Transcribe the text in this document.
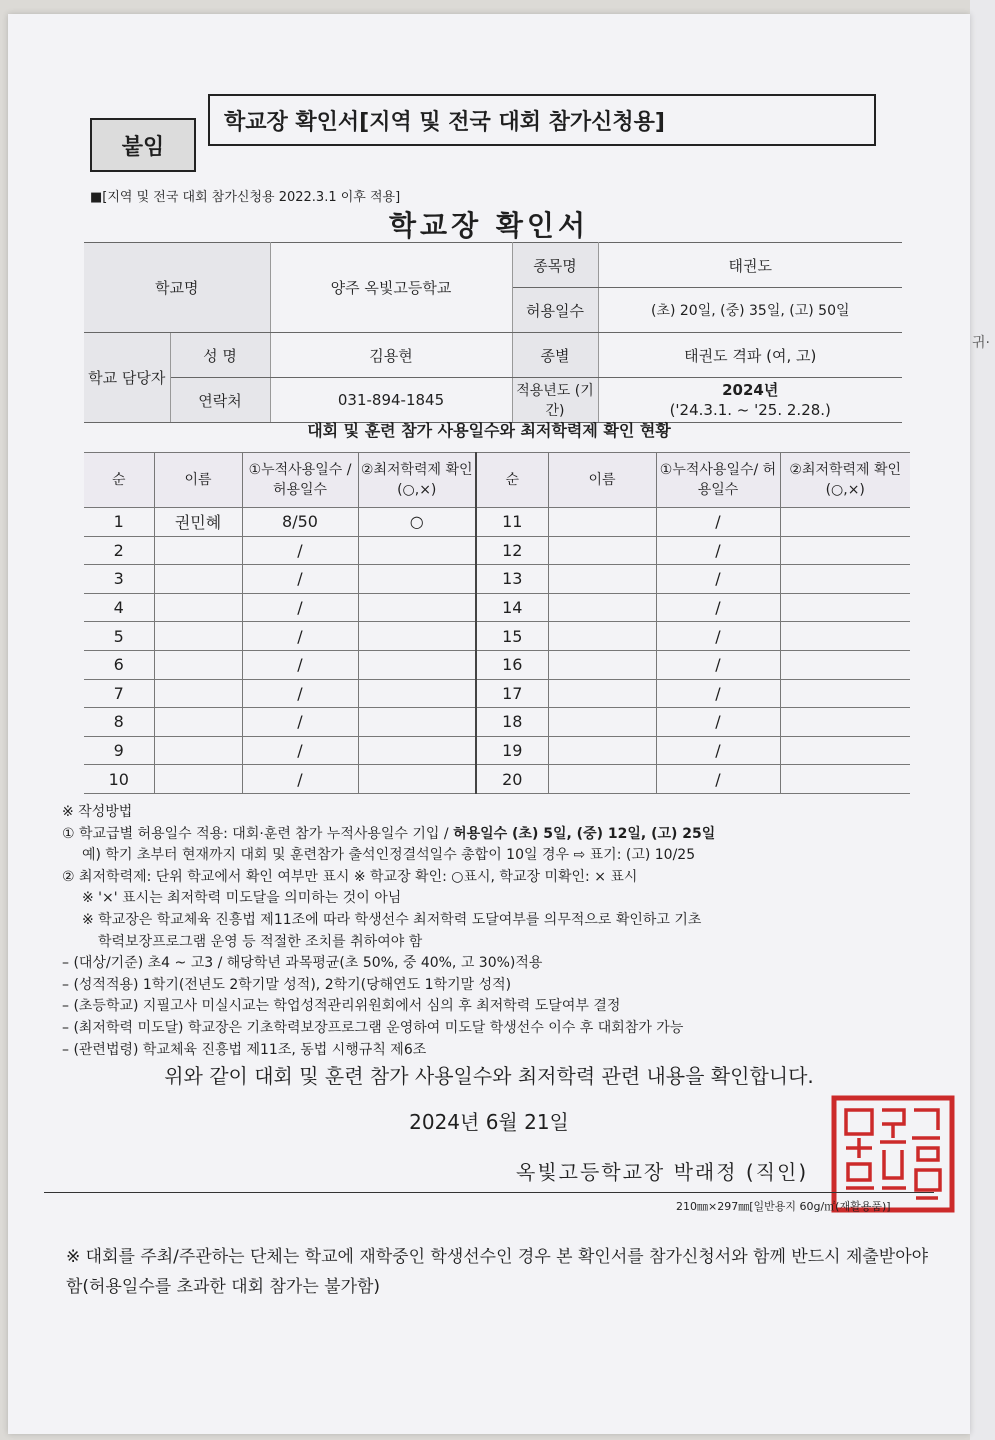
귀·
붙임
학교장 확인서[지역 및 전국 대회 참가신청용]
■[지역 및 전국 대회 참가신청용 2022.3.1 이후 적용]
학교장 확인서
학교명		양주 옥빛고등학교	종목명	태권도
			허용일수	(초) 20일, (중) 35일, (고) 50일
학교 담당자	성 명	김용현	종별	태권도 격파 (여, 고)
	연락처	031-894-1845	적용년도 (기간)	2024년
('24.3.1. ~ '25. 2.28.)
대회 및 훈련 참가 사용일수와 최저학력제 확인 현황
순	이름	①누적사용일수 /허용일수	②최저학력제 확인(○,×)	순	이름	①누적사용일수/ 허용일수	②최저학력제 확인(○,×)
1	권민혜	8/50	○	11		/	
2		/		12		/	
3		/		13		/	
4		/		14		/	
5		/		15		/	
6		/		16		/	
7		/		17		/	
8		/		18		/	
9		/		19		/	
10		/		20		/	
※ 작성방법
① 학교급별 허용일수 적용: 대회·훈련 참가 누적사용일수 기입 / 허용일수 (초) 5일, (중) 12일, (고) 25일
예) 학기 초부터 현재까지 대회 및 훈련참가 출석인정결석일수 총합이 10일 경우 ⇨ 표기: (고) 10/25
② 최저학력제: 단위 학교에서 확인 여부만 표시 ※ 학교장 확인: ○표시, 학교장 미확인: × 표시
※ '×' 표시는 최저학력 미도달을 의미하는 것이 아님
※ 학교장은 학교체육 진흥법 제11조에 따라 학생선수 최저학력 도달여부를 의무적으로 확인하고 기초
학력보장프로그램 운영 등 적절한 조치를 취하여야 함
– (대상/기준) 초4 ~ 고3 / 해당학년 과목평균(초 50%, 중 40%, 고 30%)적용
– (성적적용) 1학기(전년도 2학기말 성적), 2학기(당해연도 1학기말 성적)
– (초등학교) 지필고사 미실시교는 학업성적관리위원회에서 심의 후 최저학력 도달여부 결정
– (최저학력 미도달) 학교장은 기초학력보장프로그램 운영하여 미도달 학생선수 이수 후 대회참가 가능
– (관련법령) 학교체육 진흥법 제11조, 동법 시행규칙 제6조
위와 같이 대회 및 훈련 참가 사용일수와 최저학력 관련 내용을 확인합니다.
2024년 6월 21일
옥빛고등학교장 박래정 (직인)
210㎜×297㎜[일반용지 60g/㎡(재활용품)]
※ 대회를 주최/주관하는 단체는 학교에 재학중인 학생선수인 경우 본 확인서를 참가신청서와 함께 반드시 제출받아야 함(허용일수를 초과한 대회 참가는 불가함)
